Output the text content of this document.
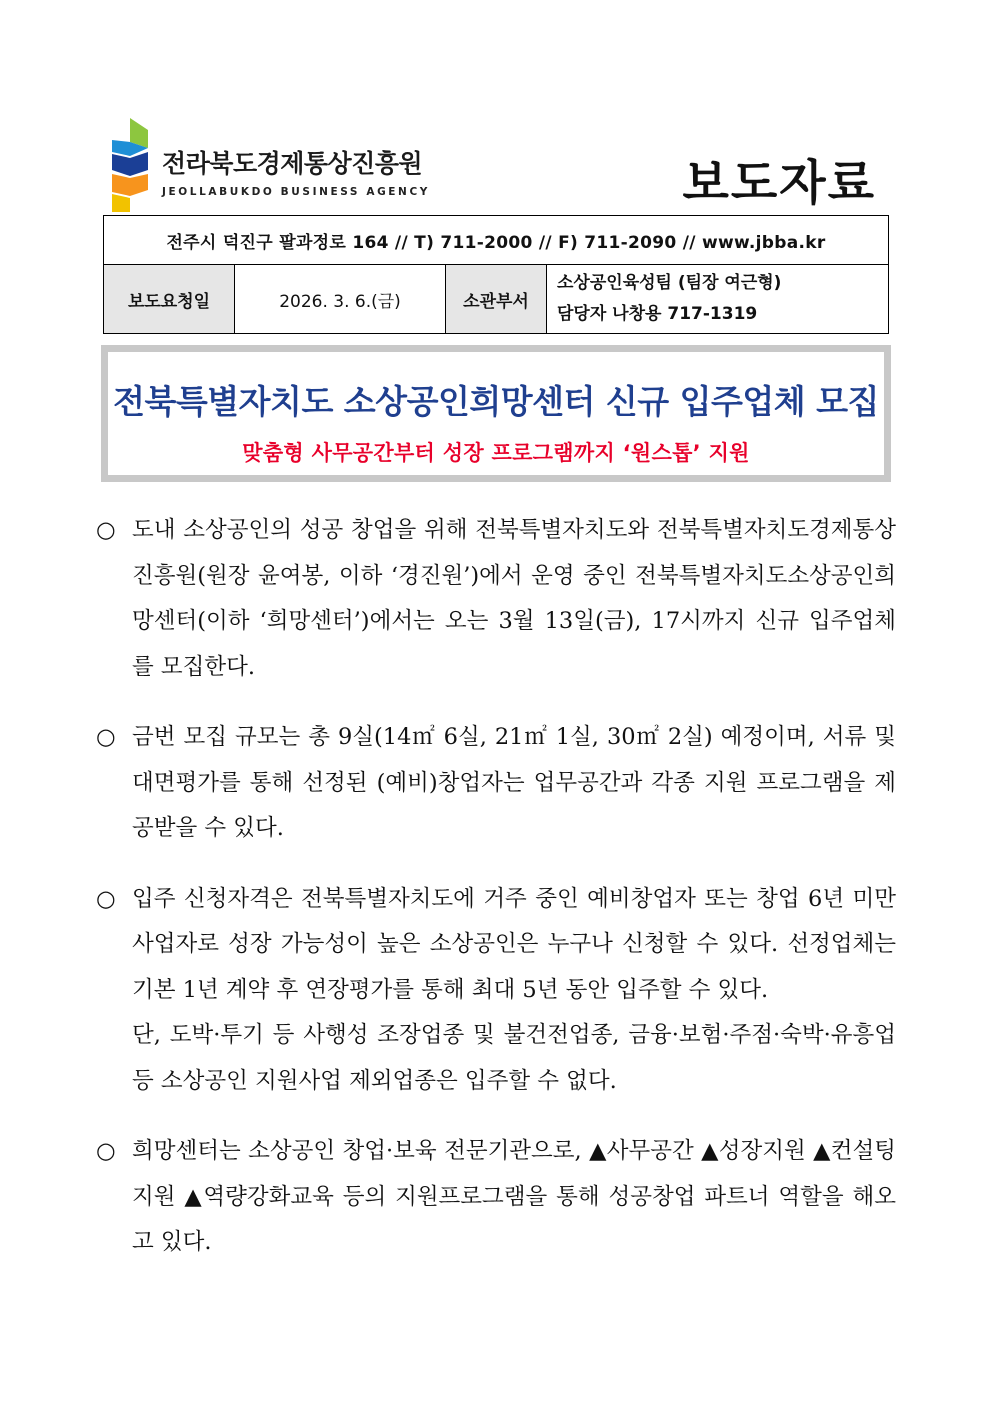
전라북도경제통상진흥원
JEOLLABUKDO BUSINESS AGENCY	보도자료
전주시 덕진구 팔과정로 164 // T) 711-2000 // F) 711-2090 // www.jbba.kr
보도요청일	2026. 3. 6.(금)	소관부서	
소상공인육성팀 (팀장 여근형)
담당자 나창용 717-1319
전북특별자치도 소상공인희망센터 신규 입주업체 모집
맞춤형 사무공간부터 성장 프로그램까지 ‘원스톱’ 지원
○ 도내 소상공인의 성공 창업을 위해 전북특별자치도와 전북특별자치도경제통상진흥원(원장 윤여봉, 이하 ‘경진원’)에서 운영 중인 전북특별자치도소상공인희망센터(이하 ‘희망센터’)에서는 오는 3월 13일(금), 17시까지 신규 입주업체를 모집한다.

○ 금번 모집 규모는 총 9실(14㎡ 6실, 21㎡ 1실, 30㎡ 2실) 예정이며, 서류 및 대면평가를 통해 선정된 (예비)창업자는 업무공간과 각종 지원 프로그램을 제공받을 수 있다.

○ 입주 신청자격은 전북특별자치도에 거주 중인 예비창업자 또는 창업 6년 미만 사업자로 성장 가능성이 높은 소상공인은 누구나 신청할 수 있다. 선정업체는 기본 1년 계약 후 연장평가를 통해 최대 5년 동안 입주할 수 있다.

단, 도박·투기 등 사행성 조장업종 및 불건전업종, 금융·보험·주점·숙박·유흥업 등 소상공인 지원사업 제외업종은 입주할 수 없다.

○ 희망센터는 소상공인 창업·보육 전문기관으로, ▲사무공간 ▲성장지원 ▲컨설팅 지원 ▲역량강화교육 등의 지원프로그램을 통해 성공창업 파트너 역할을 해오고 있다.
